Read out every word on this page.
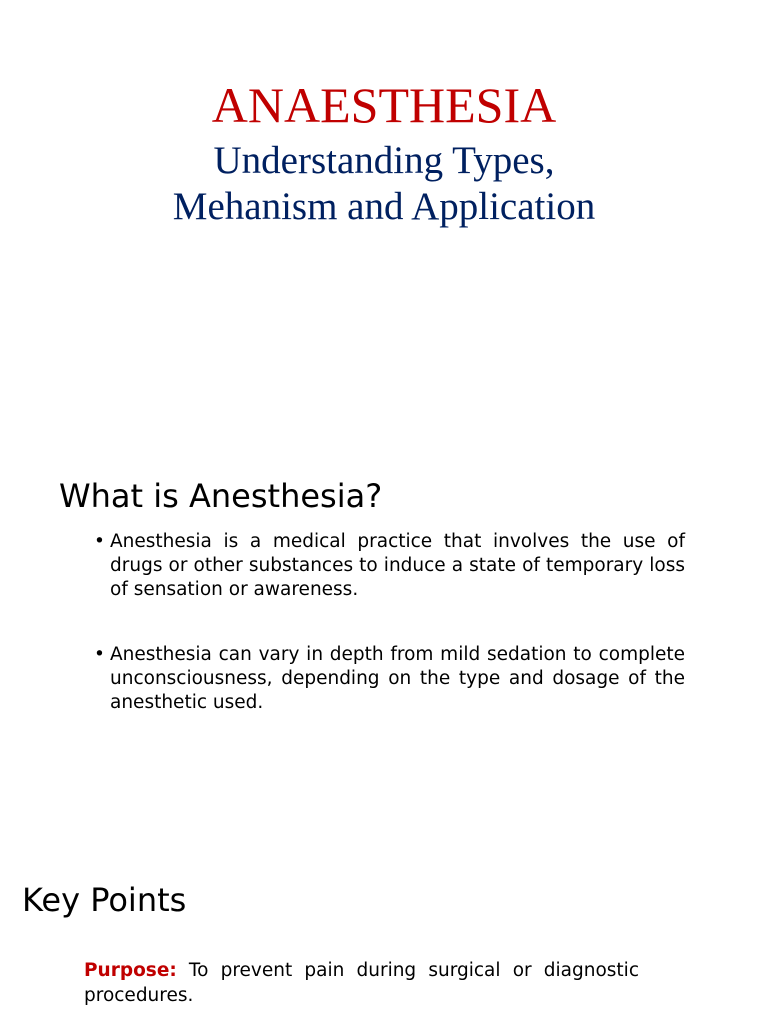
ANAESTHESIA
Understanding Types,
Mehanism and Application
What is Anesthesia?
• Anesthesia is a medical practice that involves the use of drugs or other substances to induce a state of temporary loss of sensation or awareness.
• Anesthesia can vary in depth from mild sedation to complete unconsciousness, depending on the type and dosage of the anesthetic used.
Key Points

Purpose: To prevent pain during surgical or diagnostic procedures.
